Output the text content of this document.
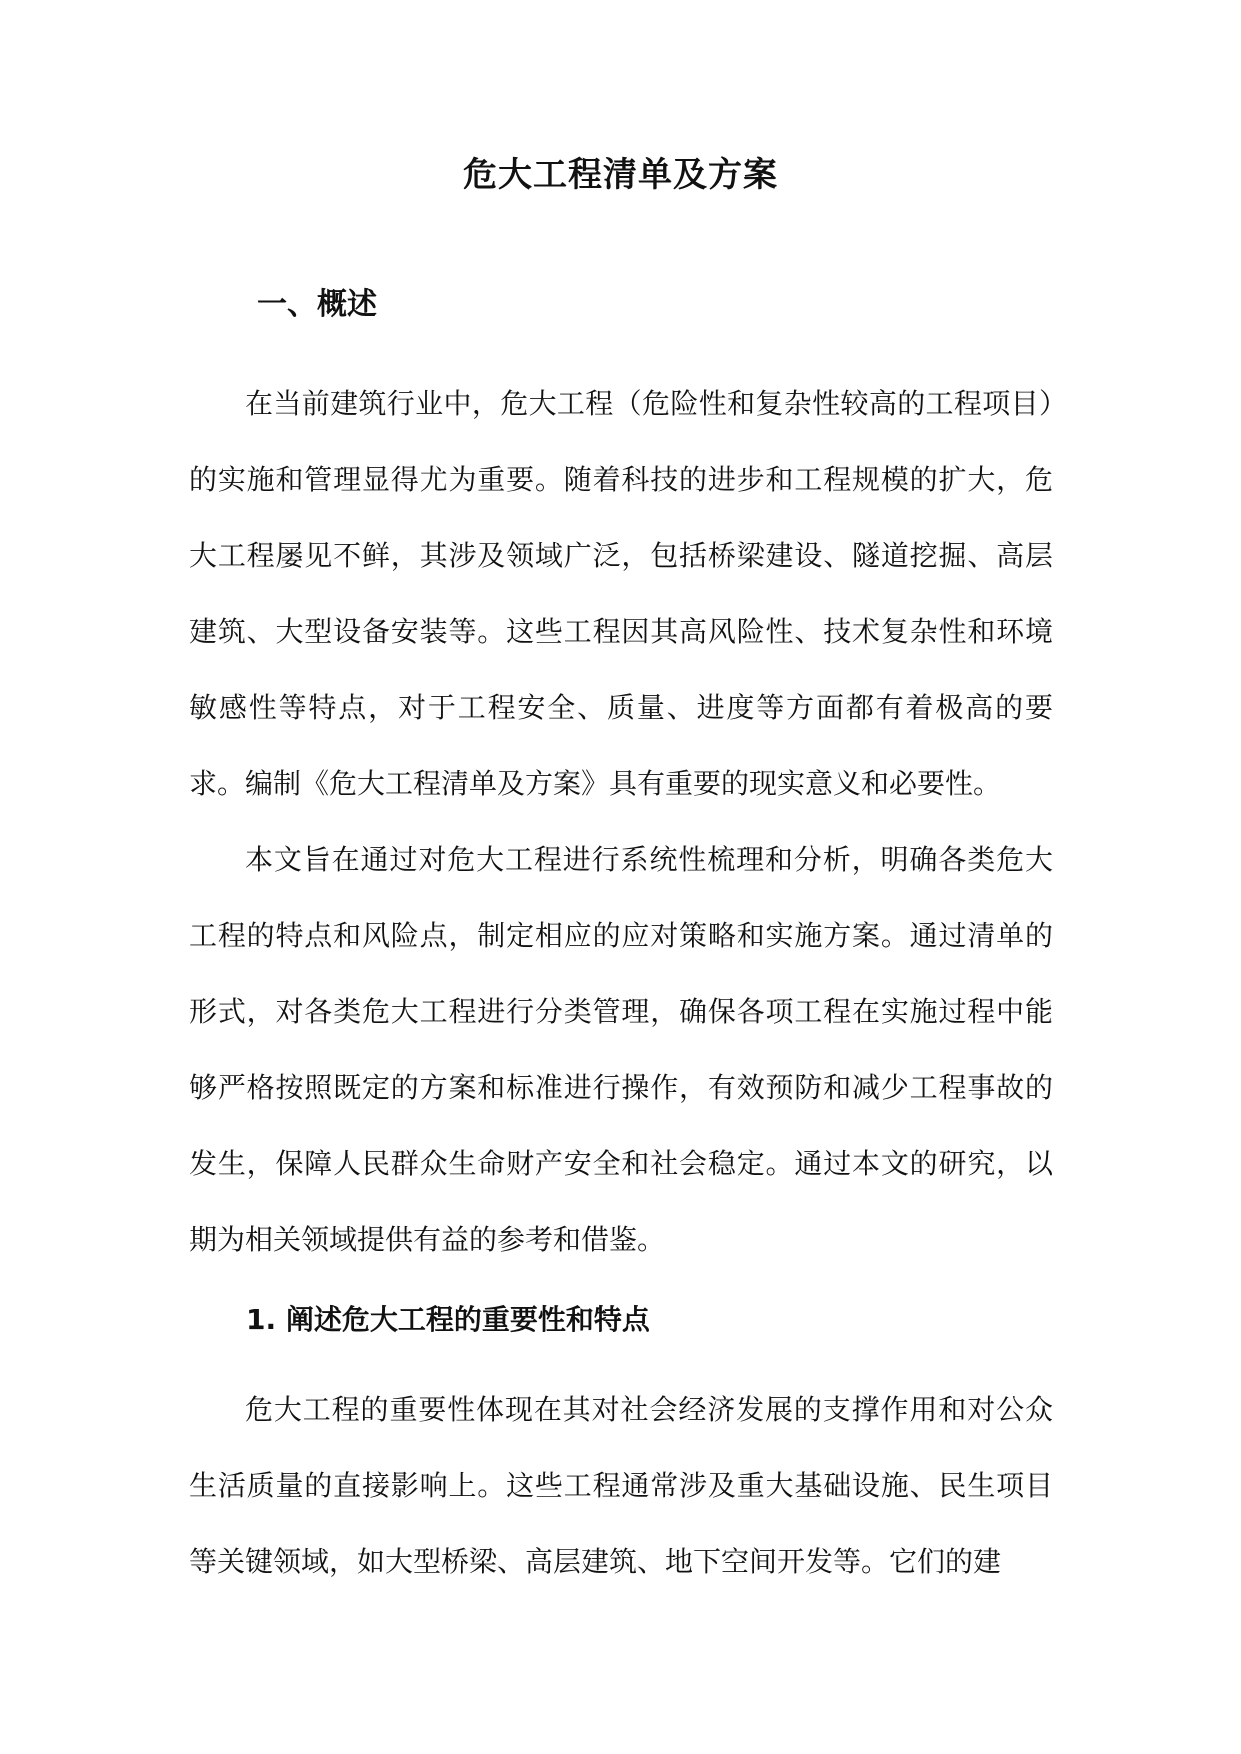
危大工程清单及方案
一、概述

在当前建筑行业中，危大工程（危险性和复杂性较高的工程项目）的实施和管理显得尤为重要。随着科技的进步和工程规模的扩大，危大工程屡见不鲜，其涉及领域广泛，包括桥梁建设、隧道挖掘、高层建筑、大型设备安装等。这些工程因其高风险性、技术复杂性和环境敏感性等特点，对于工程安全、质量、进度等方面都有着极高的要求。编制《危大工程清单及方案》具有重要的现实意义和必要性。

本文旨在通过对危大工程进行系统性梳理和分析，明确各类危大工程的特点和风险点，制定相应的应对策略和实施方案。通过清单的形式，对各类危大工程进行分类管理，确保各项工程在实施过程中能够严格按照既定的方案和标准进行操作，有效预防和减少工程事故的发生，保障人民群众生命财产安全和社会稳定。通过本文的研究，以期为相关领域提供有益的参考和借鉴。

1. 阐述危大工程的重要性和特点

危大工程的重要性体现在其对社会经济发展的支撑作用和对公众生活质量的直接影响上。这些工程通常涉及重大基础设施、民生项目等关键领域，如大型桥梁、高层建筑、地下空间开发等。它们的建
